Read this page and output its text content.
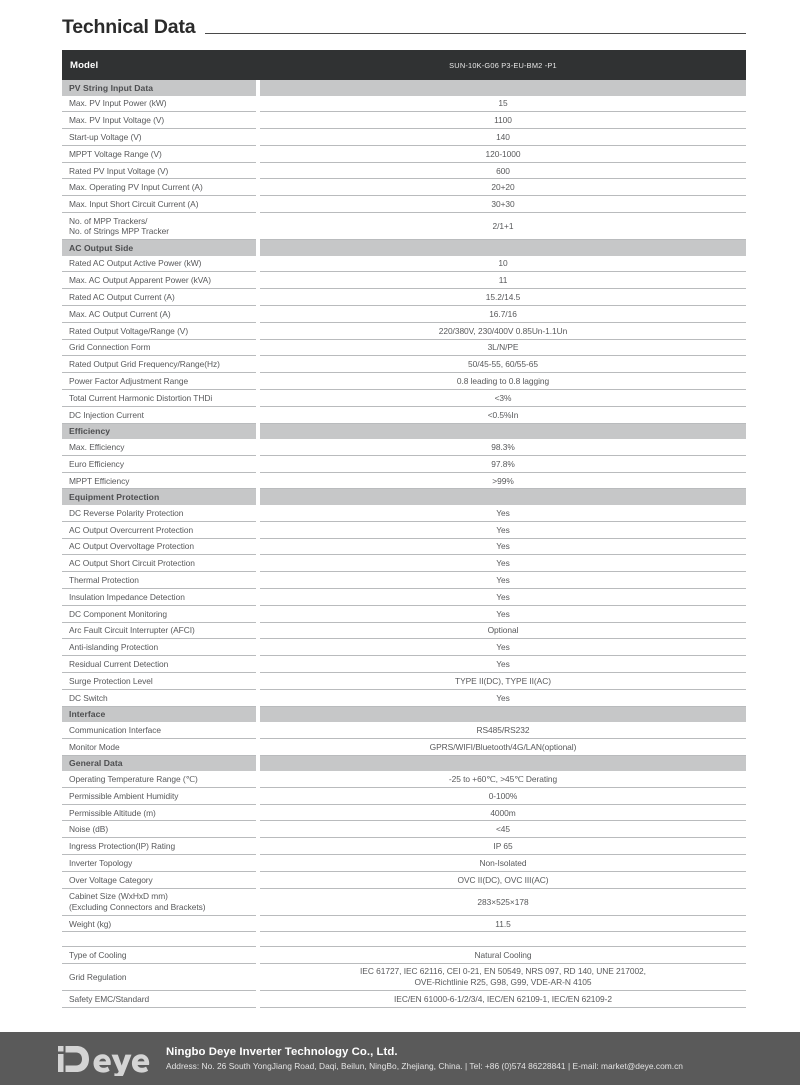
Technical Data
Model		SUN-10K-G06 P3-EU-BM2 -P1
PV String Input Data		
Max. PV Input Power (kW)		15
Max. PV Input Voltage (V)		1100
Start-up Voltage (V)		140
MPPT Voltage Range (V)		120-1000
Rated PV Input Voltage (V)		600
Max. Operating PV Input Current (A)		20+20
Max. Input Short Circuit Current (A)		30+30

No. of MPP Trackers/
No. of Strings MPP Tracker		2/1+1
AC Output Side		
Rated AC Output Active Power (kW)		10
Max. AC Output Apparent Power (kVA)		11
Rated AC Output Current (A)		15.2/14.5
Max. AC Output Current (A)		16.7/16
Rated Output Voltage/Range (V)		220/380V, 230/400V 0.85Un-1.1Un
Grid Connection Form		3L/N/PE
Rated Output Grid Frequency/Range(Hz)		50/45-55, 60/55-65
Power Factor Adjustment Range		0.8 leading to 0.8 lagging
Total Current Harmonic Distortion THDi		<3%
DC Injection Current		<0.5%In
Efficiency		
Max. Efficiency		98.3%
Euro Efficiency		97.8%
MPPT Efficiency		>99%
Equipment Protection		
DC Reverse Polarity Protection		Yes
AC Output Overcurrent Protection		Yes
AC Output Overvoltage Protection		Yes
AC Output Short Circuit Protection		Yes
Thermal Protection		Yes
Insulation Impedance Detection		Yes
DC Component Monitoring		Yes
Arc Fault Circuit Interrupter (AFCI)		Optional
Anti-islanding Protection		Yes
Residual Current Detection		Yes
Surge Protection Level		TYPE II(DC), TYPE II(AC)
DC Switch		Yes
Interface		
Communication Interface		RS485/RS232
Monitor Mode		GPRS/WIFI/Bluetooth/4G/LAN(optional)
General Data		
Operating Temperature Range (℃)		-25 to +60℃, >45℃ Derating
Permissible Ambient Humidity		0-100%
Permissible Altitude (m)		4000m
Noise (dB)		<45
Ingress Protection(IP) Rating		IP 65
Inverter Topology		Non-Isolated
Over Voltage Category		OVC II(DC), OVC III(AC)

Cabinet Size (WxHxD mm)
(Excluding Connectors and Brackets)		283×525×178
Weight (kg)		11.5

Type of Cooling		Natural Cooling
Grid Regulation		IEC 61727, IEC 62116, CEI 0-21, EN 50549, NRS 097, RD 140, UNE 217002,
OVE-Richtlinie R25, G98, G99, VDE-AR-N 4105

Safety EMC/Standard		IEC/EN 61000-6-1/2/3/4, IEC/EN 62109-1, IEC/EN 62109-2
Ningbo Deye Inverter Technology Co., Ltd.
Address: No. 26 South YongJiang Road, Daqi, Beilun, NingBo, Zhejiang, China. | Tel: +86 (0)574 86228841 | E-mail: market@deye.com.cn
